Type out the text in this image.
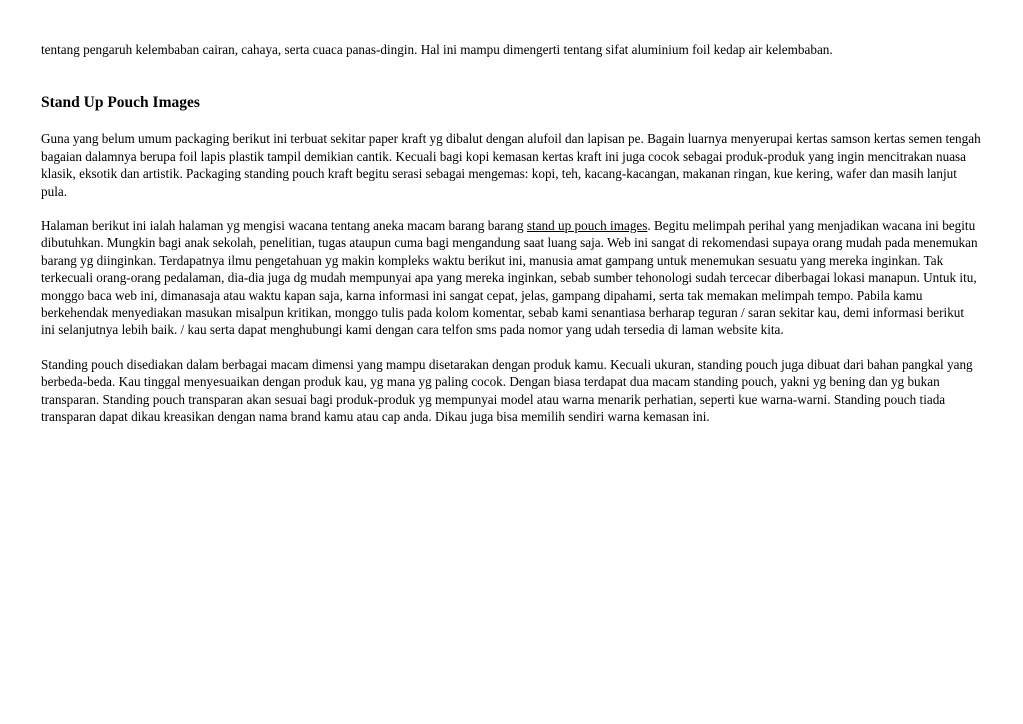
tentang pengaruh kelembaban cairan, cahaya, serta cuaca panas-dingin. Hal ini mampu dimengerti tentang sifat aluminium foil kedap air kelembaban.

Stand Up Pouch Images

Guna yang belum umum packaging berikut ini terbuat sekitar paper kraft yg dibalut dengan alufoil dan lapisan pe. Bagain luarnya menyerupai kertas samson kertas semen tengah bagaian dalamnya berupa foil lapis plastik tampil demikian cantik. Kecuali bagi kopi kemasan kertas kraft ini juga cocok sebagai produk-produk yang ingin mencitrakan nuasa klasik, eksotik dan artistik. Packaging standing pouch kraft begitu serasi sebagai mengemas: kopi, teh, kacang-kacangan, makanan ringan, kue kering, wafer dan masih lanjut pula.

Halaman berikut ini ialah halaman yg mengisi wacana tentang aneka macam barang barang stand up pouch images. Begitu melimpah perihal yang menjadikan wacana ini begitu dibutuhkan. Mungkin bagi anak sekolah, penelitian, tugas ataupun cuma bagi mengandung saat luang saja. Web ini sangat di rekomendasi supaya orang mudah pada menemukan barang yg diinginkan. Terdapatnya ilmu pengetahuan yg makin kompleks waktu berikut ini, manusia amat gampang untuk menemukan sesuatu yang mereka inginkan. Tak terkecuali orang-orang pedalaman, dia-dia juga dg mudah mempunyai apa yang mereka inginkan, sebab sumber tehonologi sudah tercecar diberbagai lokasi manapun. Untuk itu, monggo baca web ini, dimanasaja atau waktu kapan saja, karna informasi ini sangat cepat, jelas, gampang dipahami, serta tak memakan melimpah tempo. Pabila kamu berkehendak menyediakan masukan misalpun kritikan, monggo tulis pada kolom komentar, sebab kami senantiasa berharap teguran / saran sekitar kau, demi informasi berikut ini selanjutnya lebih baik. / kau serta dapat menghubungi kami dengan cara telfon sms pada nomor yang udah tersedia di laman website kita.

Standing pouch disediakan dalam berbagai macam dimensi yang mampu disetarakan dengan produk kamu. Kecuali ukuran, standing pouch juga dibuat dari bahan pangkal yang berbeda-beda. Kau tinggal menyesuaikan dengan produk kau, yg mana yg paling cocok. Dengan biasa terdapat dua macam standing pouch, yakni yg bening dan yg bukan transparan. Standing pouch transparan akan sesuai bagi produk-produk yg mempunyai model atau warna menarik perhatian, seperti kue warna-warni. Standing pouch tiada transparan dapat dikau kreasikan dengan nama brand kamu atau cap anda. Dikau juga bisa memilih sendiri warna kemasan ini.
